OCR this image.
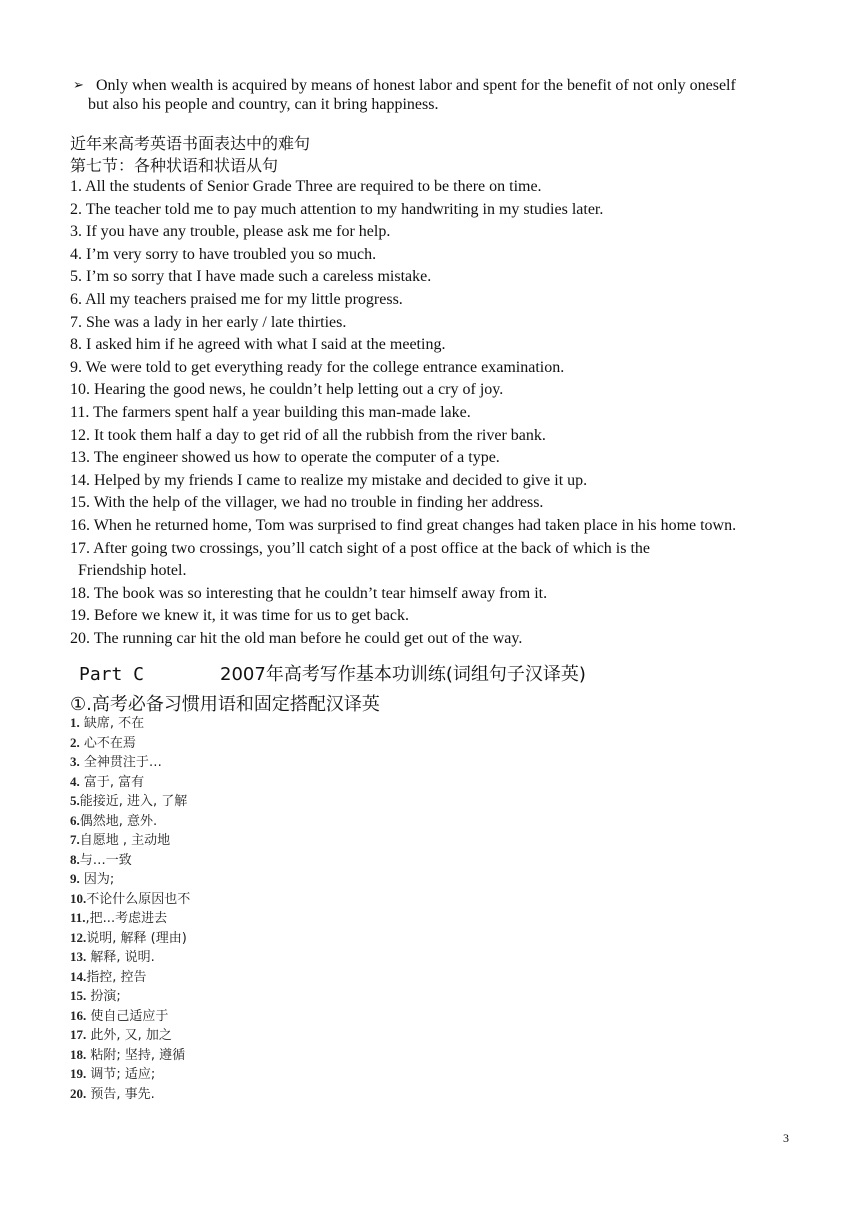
➢ Only when wealth is acquired by means of honest labor and spent for the benefit of not only oneself
but also his people and country, can it bring happiness.
近年来高考英语书面表达中的难句
第七节：各种状语和状语从句
1. All the students of Senior Grade Three are required to be there on time.
2. The teacher told me to pay much attention to my handwriting in my studies later.
3. If you have any trouble, please ask me for help.
4. I’m very sorry to have troubled you so much.
5. I’m so sorry that I have made such a careless mistake.
6. All my teachers praised me for my little progress.
7. She was a lady in her early / late thirties.
8. I asked him if he agreed with what I said at the meeting.
9. We were told to get everything ready for the college entrance examination.
10. Hearing the good news, he couldn’t help letting out a cry of joy.
11. The farmers spent half a year building this man-made lake.
12. It took them half a day to get rid of all the rubbish from the river bank.
13. The engineer showed us how to operate the computer of a type.
14. Helped by my friends I came to realize my mistake and decided to give it up.
15. With the help of the villager, we had no trouble in finding her address.
16. When he returned home, Tom was surprised to find great changes had taken place in his home town.
17. After going two crossings, you’ll catch sight of a post office at the back of which is the
Friendship hotel.
18. The book was so interesting that he couldn’t tear himself away from it.
19. Before we knew it, it was time for us to get back.
20. The running car hit the old man before he could get out of the way.
Part C	2007年高考写作基本功训练(词组句子汉译英)
①.高考必备习惯用语和固定搭配汉译英
1. 缺席, 不在
2. 心不在焉
3. 全神贯注于…
4. 富于, 富有
5.能接近, 进入, 了解
6.偶然地, 意外.
7.自愿地 , 主动地
8.与…一致
9. 因为;
10.不论什么原因也不
11.,把...考虑进去
12.说明, 解释 (理由)
13. 解释, 说明.
14.指控, 控告
15. 扮演;
16. 使自己适应于
17. 此外, 又, 加之
18. 粘附; 坚持, 遵循
19. 调节; 适应;
20. 预告, 事先.
3
